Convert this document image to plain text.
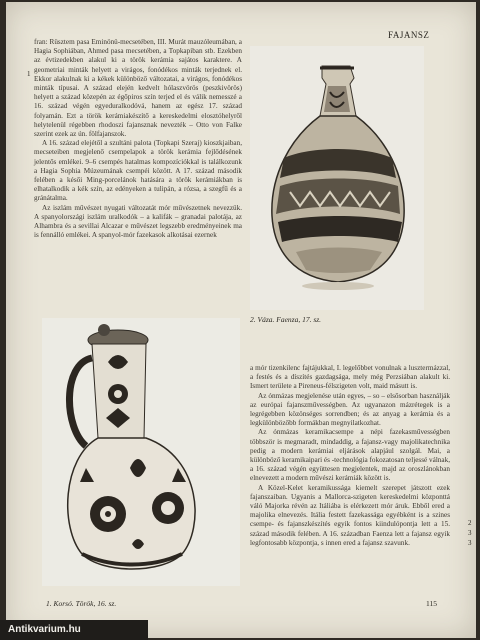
FAJANSZ
1

fran: Rüsztem pasa Eminönü-mecsetében, III. Murát mauzóleumában, a Hagia Sophiában, Ahmed pasa mecsetében, a Topkapiban stb. Ezekben az évtizedekben alakul ki a török kerámia sajátos karaktere. A geometriai minták helyett a virágos, fonódékos minták terjednek el. Ekkor alakulnak ki a kékek különböző változatai, a virágos, fonódékos minták típusai. A század elején kedvelt hólaszvörös (peszkivörös) helyett a század közepén az égőpiros szín terjed el és válik nemesszé a 16. század végén egyeduralkodóvá, hanem az egész 17. század folyamán. Ezt a török kerámiakészítő a kereskedelmi elosztóhelyről helytelenül régebben rhodoszi fajansznak nevezték – Otto von Falke szerint ezek az ún. fölfajanszok.

A 16. század elejétől a szultáni palota (Topkapi Szeraj) kioszkjaiban, mecseteiben megjelenő csempelapok a török kerámia fejlődésének jelentős emlékei. 9–6 csempés hatalmas kompozíciókkal is találkozunk a Hagia Sophia Múzeumának csempéi között. A 17. század második felében a késői Ming-porcelánok hatására a török kerámiákban is elhatalkodik a kék szín, az edényeken a tulipán, a rózsa, a szegfű és a gránátalma.

Az iszlám művészet nyugati változatát mór művészetnek nevezzük. A spanyolországi iszlám uralkodók – a kalifák – granadai palotája, az Alhambra és a sevillai Alcazar e művészet legszebb eredményeinek ma is fennálló emlékei. A spanyol-mór fazekasok alkotásai ezernek

2. Váza. Faenza, 17. sz.
1. Korsó. Török, 16. sz.

a mór tizenkilenc fajtájukkal, I. legelőbbet vonulnak a lusztermázzal, a festés és a díszítés gazdagsága, mely még Perzsiában alakult ki. Ismert területe a Pireneus-félszigeten volt, maid másutt is.

Az ónmázas megjelenése után egyes, – so – elsősorban használják az európai fajanszművességben. Az ugyanazon mázrétegek is a legrégebben közönséges sorrendben; és az anyag a kerámia és a legkülönbözőbb formákban megnyilatkozhat.

Az ónmázas keramikacsempe a népi fazekasművességben többször is megmaradt, mindaddig, a fajansz-vagy majolikatechnika pedig a modern kerámiai eljárások alapjául szolgál. Mai, a különböző keramikaipari és -technológia fokozatosan teljessé válnak, a 16. század végén együttesen megjelentek, majd az oroszlánokban elnevezett a modern művészi kerámiák között is.

A Közel-Kelet keramikussága kiemelt szerepet játszott ezek fajanszaiban. Ugyanis a Mallorca-szigeten kereskedelmi központtá váló Majorka révén az Itáliába is elérkezett mór áruk. Ebből ered a majolika elnevezés. Itália festett fazekassága egyébként is a szines csempe- és fajanszkészítés egyik fontos kiindulópontja lett a 15. század második felében. A 16. században Faenza lett a fajansz egyik legfontosabb központja, s innen ered a fajansz szavunk.

2
3
3
115
Antikvarium.hu
